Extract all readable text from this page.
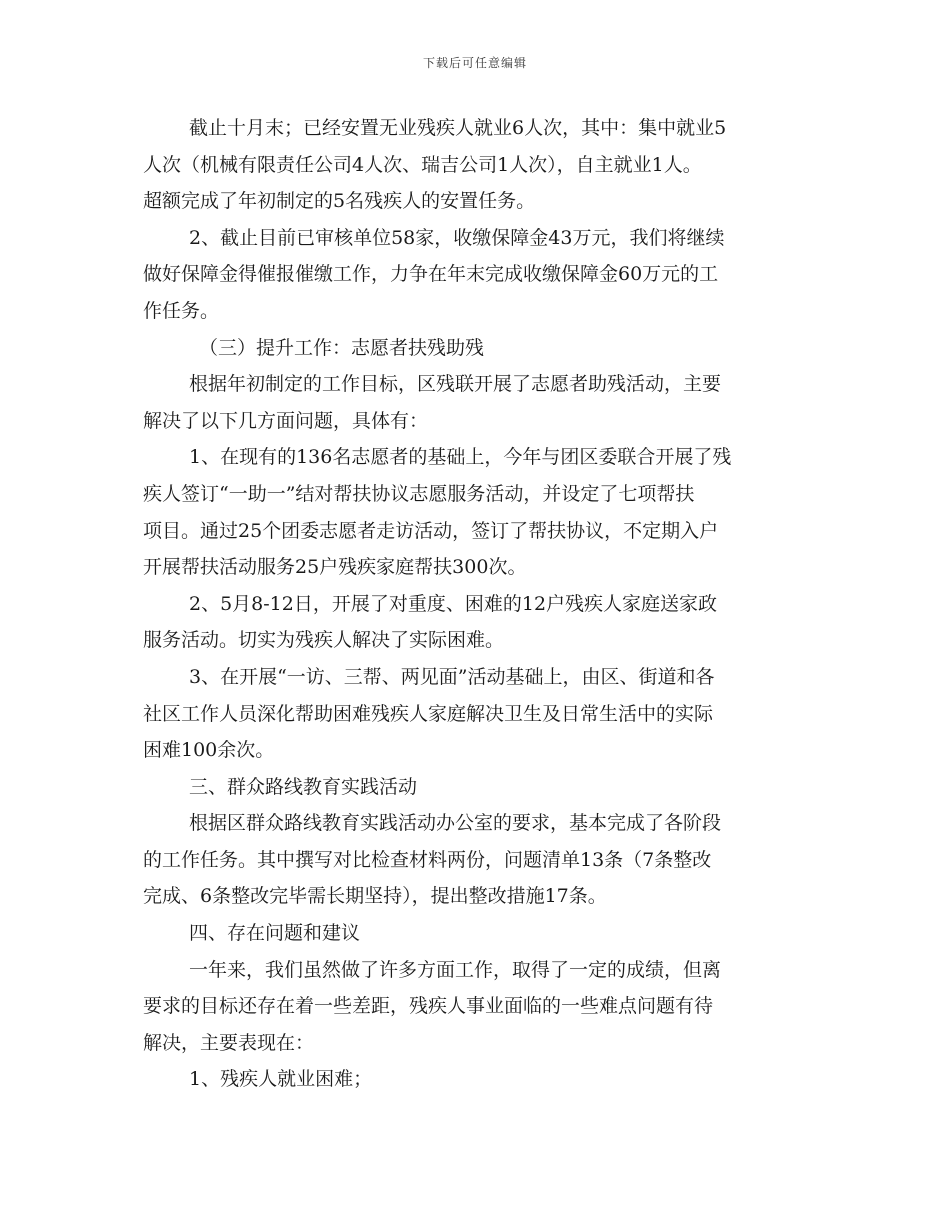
下载后可任意编辑
截止十月末；已经安置无业残疾人就业6人次，其中：集中就业5
人次（机械有限责任公司4人次、瑞吉公司1人次），自主就业1人。
超额完成了年初制定的5名残疾人的安置任务。
2、截止目前已审核单位58家，收缴保障金43万元，我们将继续
做好保障金得催报催缴工作，力争在年末完成收缴保障金60万元的工
作任务。
（三）提升工作：志愿者扶残助残
根据年初制定的工作目标，区残联开展了志愿者助残活动，主要
解决了以下几方面问题，具体有：
1、在现有的136名志愿者的基础上，今年与团区委联合开展了残
疾人签订“一助一”结对帮扶协议志愿服务活动，并设定了七项帮扶
项目。通过25个团委志愿者走访活动，签订了帮扶协议，不定期入户
开展帮扶活动服务25户残疾家庭帮扶300次。
2、5月8-12日，开展了对重度、困难的12户残疾人家庭送家政
服务活动。切实为残疾人解决了实际困难。
3、在开展“一访、三帮、两见面”活动基础上，由区、街道和各
社区工作人员深化帮助困难残疾人家庭解决卫生及日常生活中的实际
困难100余次。
三、群众路线教育实践活动
根据区群众路线教育实践活动办公室的要求，基本完成了各阶段
的工作任务。其中撰写对比检查材料两份，问题清单13条（7条整改
完成、6条整改完毕需长期坚持），提出整改措施17条。
四、存在问题和建议
一年来，我们虽然做了许多方面工作，取得了一定的成绩，但离
要求的目标还存在着一些差距，残疾人事业面临的一些难点问题有待
解决，主要表现在：
1、残疾人就业困难；
